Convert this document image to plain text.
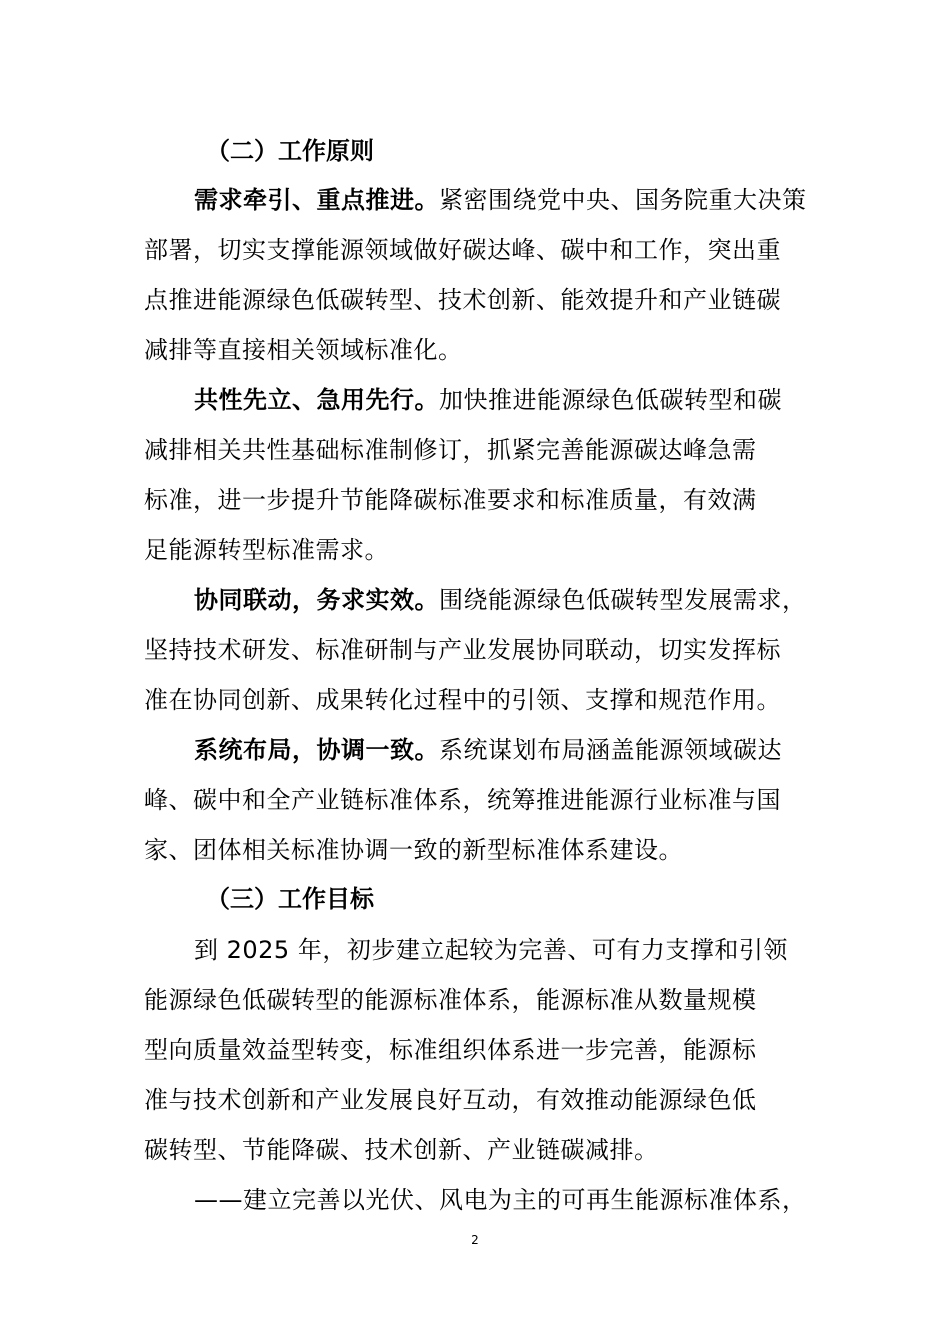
（二）工作原则
需求牵引、重点推进。紧密围绕党中央、国务院重大决策
部署，切实支撑能源领域做好碳达峰、碳中和工作，突出重
点推进能源绿色低碳转型、技术创新、能效提升和产业链碳
减排等直接相关领域标准化。
共性先立、急用先行。加快推进能源绿色低碳转型和碳
减排相关共性基础标准制修订，抓紧完善能源碳达峰急需
标准，进一步提升节能降碳标准要求和标准质量，有效满
足能源转型标准需求。
协同联动，务求实效。围绕能源绿色低碳转型发展需求，
坚持技术研发、标准研制与产业发展协同联动，切实发挥标
准在协同创新、成果转化过程中的引领、支撑和规范作用。
系统布局，协调一致。系统谋划布局涵盖能源领域碳达
峰、碳中和全产业链标准体系，统筹推进能源行业标准与国
家、团体相关标准协调一致的新型标准体系建设。
（三）工作目标
到 2025 年，初步建立起较为完善、可有力支撑和引领
能源绿色低碳转型的能源标准体系，能源标准从数量规模
型向质量效益型转变，标准组织体系进一步完善，能源标
准与技术创新和产业发展良好互动，有效推动能源绿色低
碳转型、节能降碳、技术创新、产业链碳减排。
——建立完善以光伏、风电为主的可再生能源标准体系，
2
